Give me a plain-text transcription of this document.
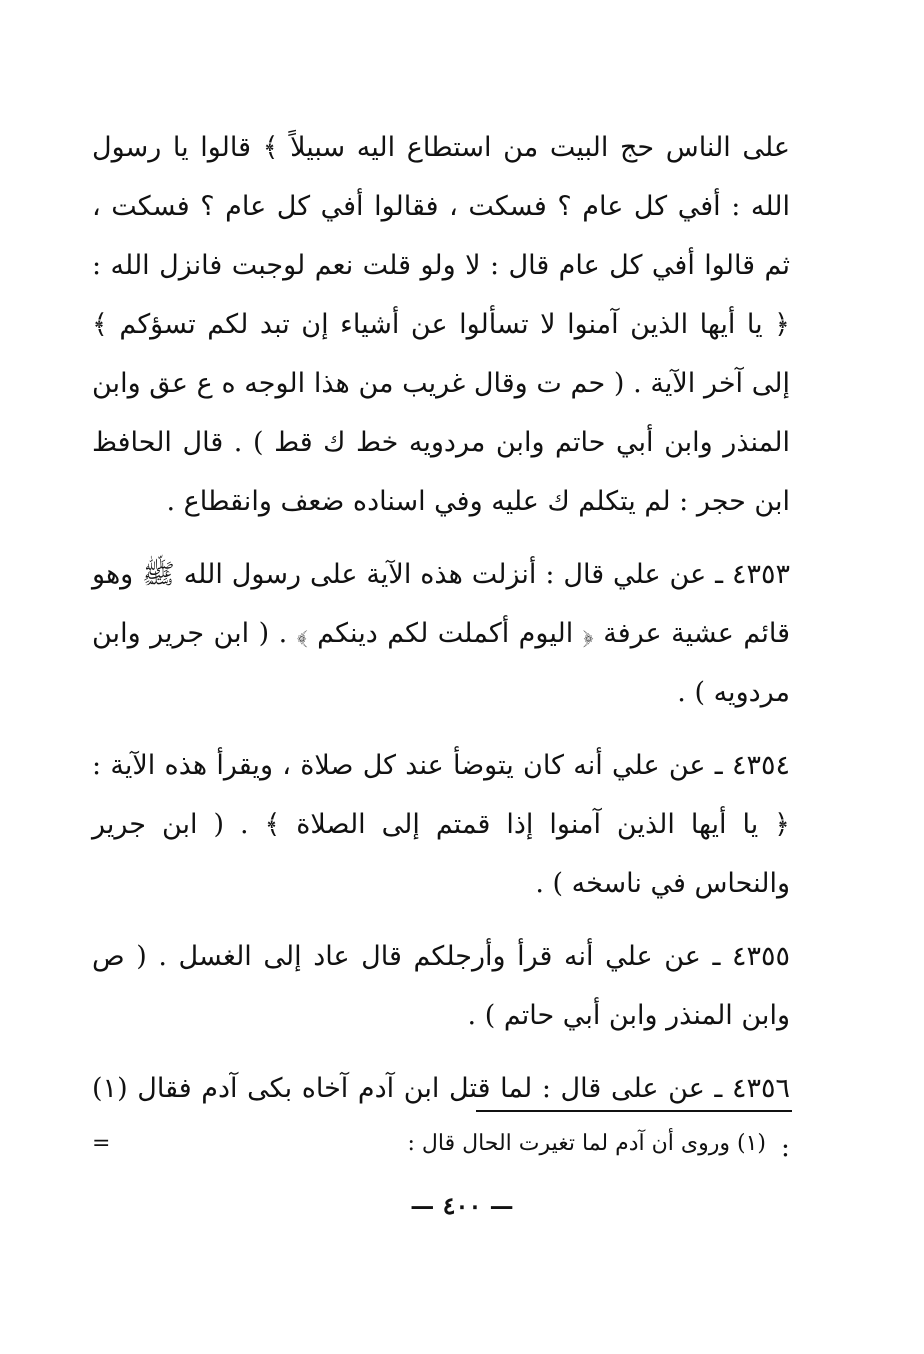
على الناس حج البيت من استطاع اليه سبيلاً ﴾ قالوا يا رسول الله : أفي كل عام ؟ فسكت ، فقالوا أفي كل عام ؟ فسكت ، ثم قالوا أفي كل عام قال : لا ولو قلت نعم لوجبت فانزل الله : ﴿ يا أيها الذين آمنوا لا تسألوا عن أشياء إن تبد لكم تسؤكم ﴾ إلى آخر الآية . ( حم ت وقال غريب من هذا الوجه ه ع عق وابن المنذر وابن أبي حاتم وابن مردويه خط ك قط ) . قال الحافظ ابن حجر : لم يتكلم ك عليه وفي اسناده ضعف وانقطاع .

٤٣٥٣ ـ عن علي قال : أنزلت هذه الآية على رسول الله ﷺ وهو قائم عشية عرفة ﴿ اليوم أكملت لكم دينكم ﴾ . ( ابن جرير وابن مردويه ) .

٤٣٥٤ ـ عن علي أنه كان يتوضأ عند كل صلاة ، ويقرأ هذه الآية : ﴿ يا أيها الذين آمنوا إذا قمتم إلى الصلاة ﴾ . ( ابن جرير والنحاس في ناسخه ) .

٤٣٥٥ ـ عن علي أنه قرأ وأرجلكم قال عاد إلى الغسل . ( ص وابن المنذر وابن أبي حاتم ) .

٤٣٥٦ ـ عن على قال : لما قتل ابن آدم آخاه بكى آدم فقال (١) :

(١) وروى أن آدم لما تغيرت الحال قال :
=
— ٤٠٠ —
